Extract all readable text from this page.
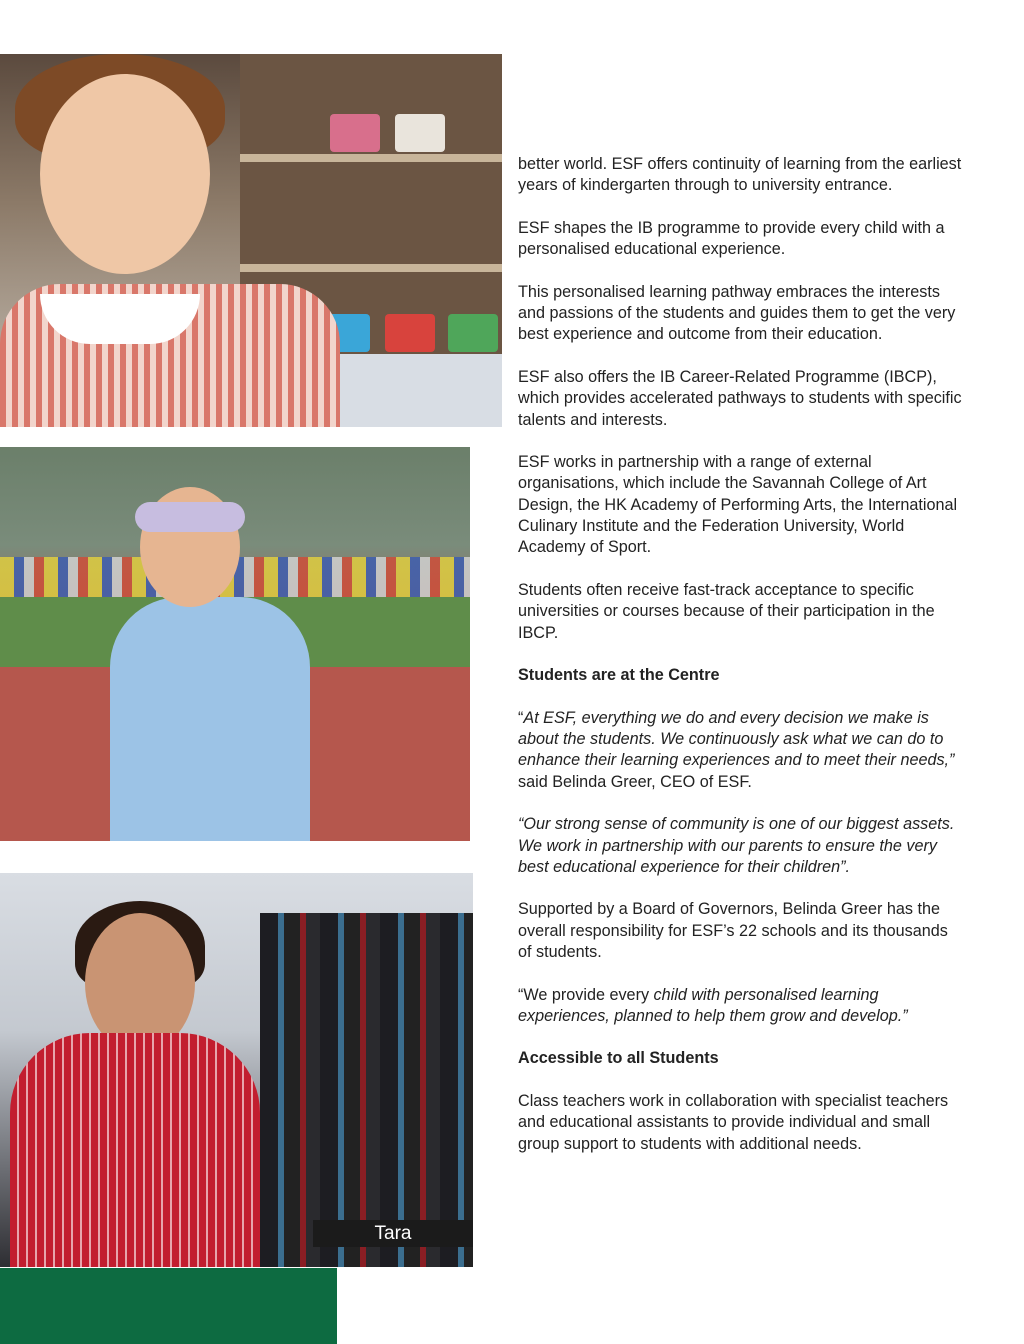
Tara

better world. ESF offers continuity of learning from the earliest years of kindergarten through to university entrance.

ESF shapes the IB programme to provide every child with a personalised educational experience.

This personalised learning pathway embraces the interests and passions of the students and guides them to get the very best experience and outcome from their education.

ESF also offers the IB Career-Related Programme (IBCP), which provides accelerated pathways to students with specific talents and interests.

ESF works in partnership with a range of external organisations, which include the Savannah College of Art Design, the HK Academy of Performing Arts, the International Culinary Institute and the Federation University, World Academy of Sport.

Students often receive fast-track acceptance to specific universities or courses because of their participation in the IBCP.

Students are at the Centre

“At ESF, everything we do and every decision we make is about the students. We continuously ask what we can do to enhance their learning experiences and to meet their needs,” said Belinda Greer, CEO of ESF.

“Our strong sense of community is one of our biggest assets. We work in partnership with our parents to ensure the very best educational experience for their children”.

Supported by a Board of Governors, Belinda Greer has the overall responsibility for ESF’s 22 schools and its thousands of students.

“We provide every child with personalised learning experiences, planned to help them grow and develop.”

Accessible to all Students

Class teachers work in collaboration with specialist teachers and educational assistants to provide individual and small group support to students with additional needs.
